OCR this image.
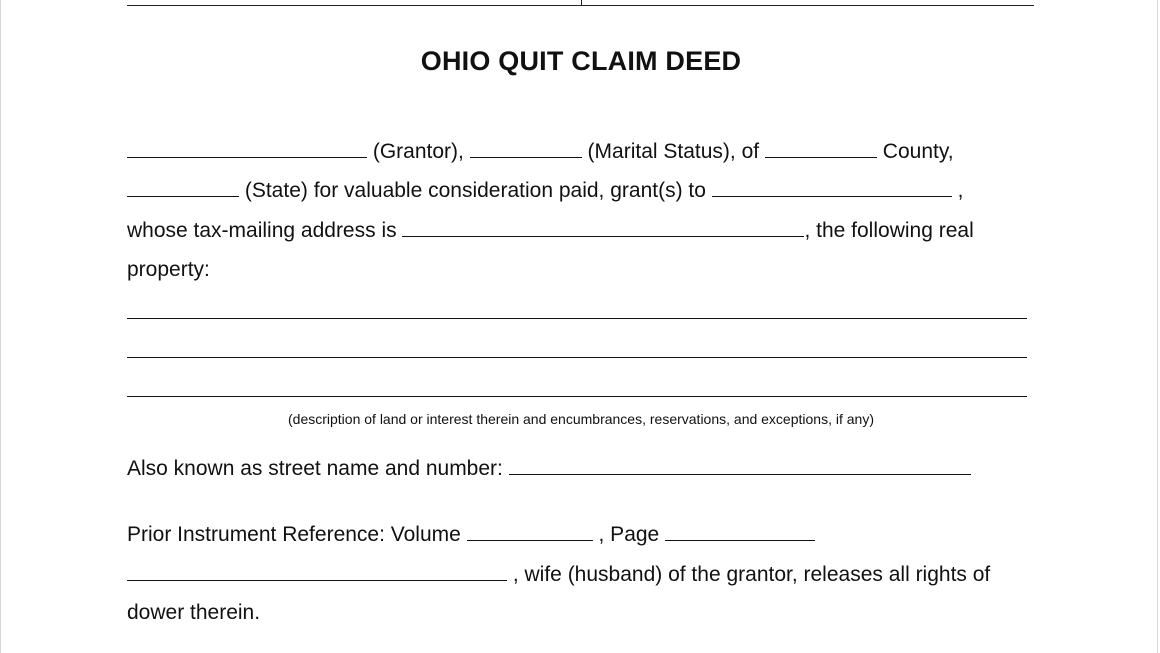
OHIO QUIT CLAIM DEED
(Grantor),	(Marital Status), of	County,
(State) for valuable consideration paid, grant(s) to	,
whose tax-mailing address is	, the following real
property:
(description of land or interest therein and encumbrances, reservations, and exceptions, if any)
Also known as street name and number:
Prior Instrument Reference: Volume	, Page
, wife (husband) of the grantor, releases all rights of
dower therein.
